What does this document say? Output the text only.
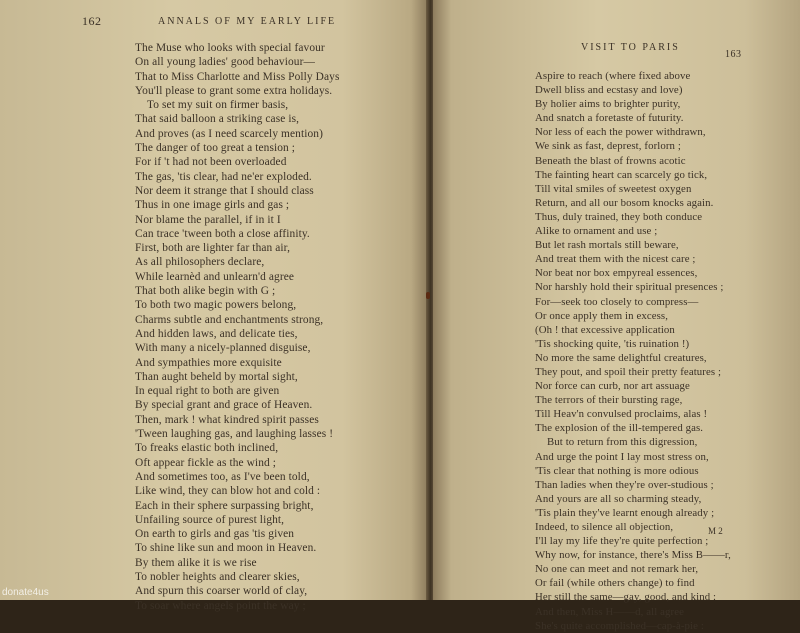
162	ANNALS OF MY EARLY LIFE
The Muse who looks with special favour
On all young ladies' good behaviour—
That to Miss Charlotte and Miss Polly Days
You'll please to grant some extra holidays.
To set my suit on firmer basis,
That said balloon a striking case is,
And proves (as I need scarcely mention)
The danger of too great a tension ;
For if 't had not been overloaded
The gas, 'tis clear, had ne'er exploded.
Nor deem it strange that I should class
Thus in one image girls and gas ;
Nor blame the parallel, if in it I
Can trace 'tween both a close affinity.
First, both are lighter far than air,
As all philosophers declare,
While learnèd and unlearn'd agree
That both alike begin with G ;
To both two magic powers belong,
Charms subtle and enchantments strong,
And hidden laws, and delicate ties,
With many a nicely-planned disguise,
And sympathies more exquisite
Than aught beheld by mortal sight,
In equal right to both are given
By special grant and grace of Heaven.
Then, mark ! what kindred spirit passes
'Tween laughing gas, and laughing lasses !
To freaks elastic both inclined,
Oft appear fickle as the wind ;
And sometimes too, as I've been told,
Like wind, they can blow hot and cold :
Each in their sphere surpassing bright,
Unfailing source of purest light,
On earth to girls and gas 'tis given
To shine like sun and moon in Heaven.
By them alike it is we rise
To nobler heights and clearer skies,
And spurn this coarser world of clay,
To soar where angels point the way ;
VISIT TO PARIS
163
Aspire to reach (where fixed above
Dwell bliss and ecstasy and love)
By holier aims to brighter purity,
And snatch a foretaste of futurity.
Nor less of each the power withdrawn,
We sink as fast, deprest, forlorn ;
Beneath the blast of frowns acotic
The fainting heart can scarcely go tick,
Till vital smiles of sweetest oxygen
Return, and all our bosom knocks again.
Thus, duly trained, they both conduce
Alike to ornament and use ;
But let rash mortals still beware,
And treat them with the nicest care ;
Nor beat nor box empyreal essences,
Nor harshly hold their spiritual presences ;
For—seek too closely to compress—
Or once apply them in excess,
(Oh ! that excessive application
'Tis shocking quite, 'tis ruination !)
No more the same delightful creatures,
They pout, and spoil their pretty features ;
Nor force can curb, nor art assuage
The terrors of their bursting rage,
Till Heav'n convulsed proclaims, alas !
The explosion of the ill-tempered gas.
But to return from this digression,
And urge the point I lay most stress on,
'Tis clear that nothing is more odious
Than ladies when they're over-studious ;
And yours are all so charming steady,
'Tis plain they've learnt enough already ;
Indeed, to silence all objection,
I'll lay my life they're quite perfection ;
Why now, for instance, there's Miss B——r,
No one can meet and not remark her,
Or fail (while others change) to find
Her still the same—gay, good, and kind :
And then, Miss H——d, all agree
She's quite accomplished—cap-à-pie :
M 2
donate4us
